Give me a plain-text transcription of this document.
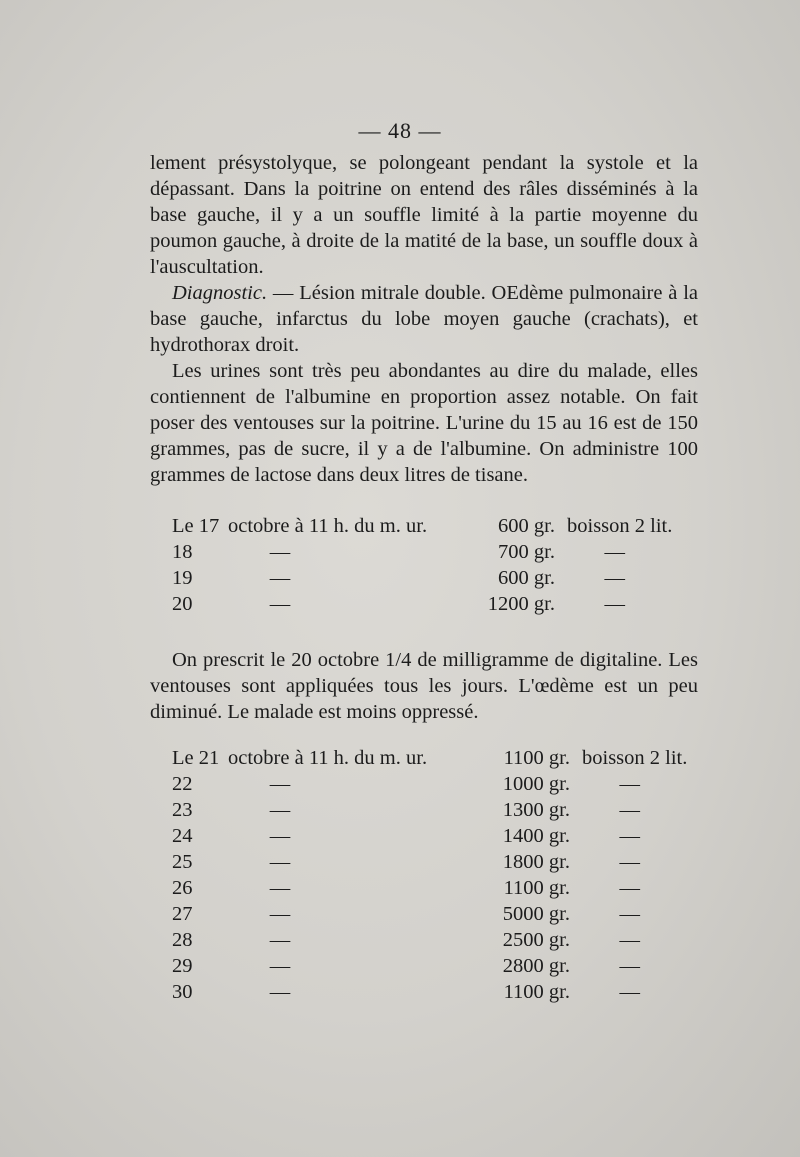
— 48 —

lement présystolyque, se polongeant pendant la systole et la dépassant. Dans la poitrine on entend des râles disséminés à la base gauche, il y a un souffle limité à la partie moyenne du poumon gauche, à droite de la matité de la base, un souffle doux à l'auscultation.

Diagnostic. — Lésion mitrale double. OEdème pulmonaire à la base gauche, infarctus du lobe moyen gauche (crachats), et hydrothorax droit.

Les urines sont très peu abondantes au dire du malade, elles contiennent de l'albumine en proportion assez notable. On fait poser des ventouses sur la poitrine. L'urine du 15 au 16 est de 150 grammes, pas de sucre, il y a de l'albumine. On administre 100 grammes de lactose dans deux litres de tisane.

Le 17	octobre à 11 h. du m. ur.	600 gr.	boisson 2 lit.
18	—	700 gr.	—
19	—	600 gr.	—
20	—	1200 gr.	—

On prescrit le 20 octobre 1/4 de milligramme de digitaline. Les ventouses sont appliquées tous les jours. L'œdème est un peu diminué. Le malade est moins oppressé.

Le 21	octobre à 11 h. du m. ur.	1100 gr.	boisson 2 lit.
22	—	1000 gr.	—
23	—	1300 gr.	—
24	—	1400 gr.	—
25	—	1800 gr.	—
26	—	1100 gr.	—
27	—	5000 gr.	—
28	—	2500 gr.	—
29	—	2800 gr.	—
30	—	1100 gr.	—
